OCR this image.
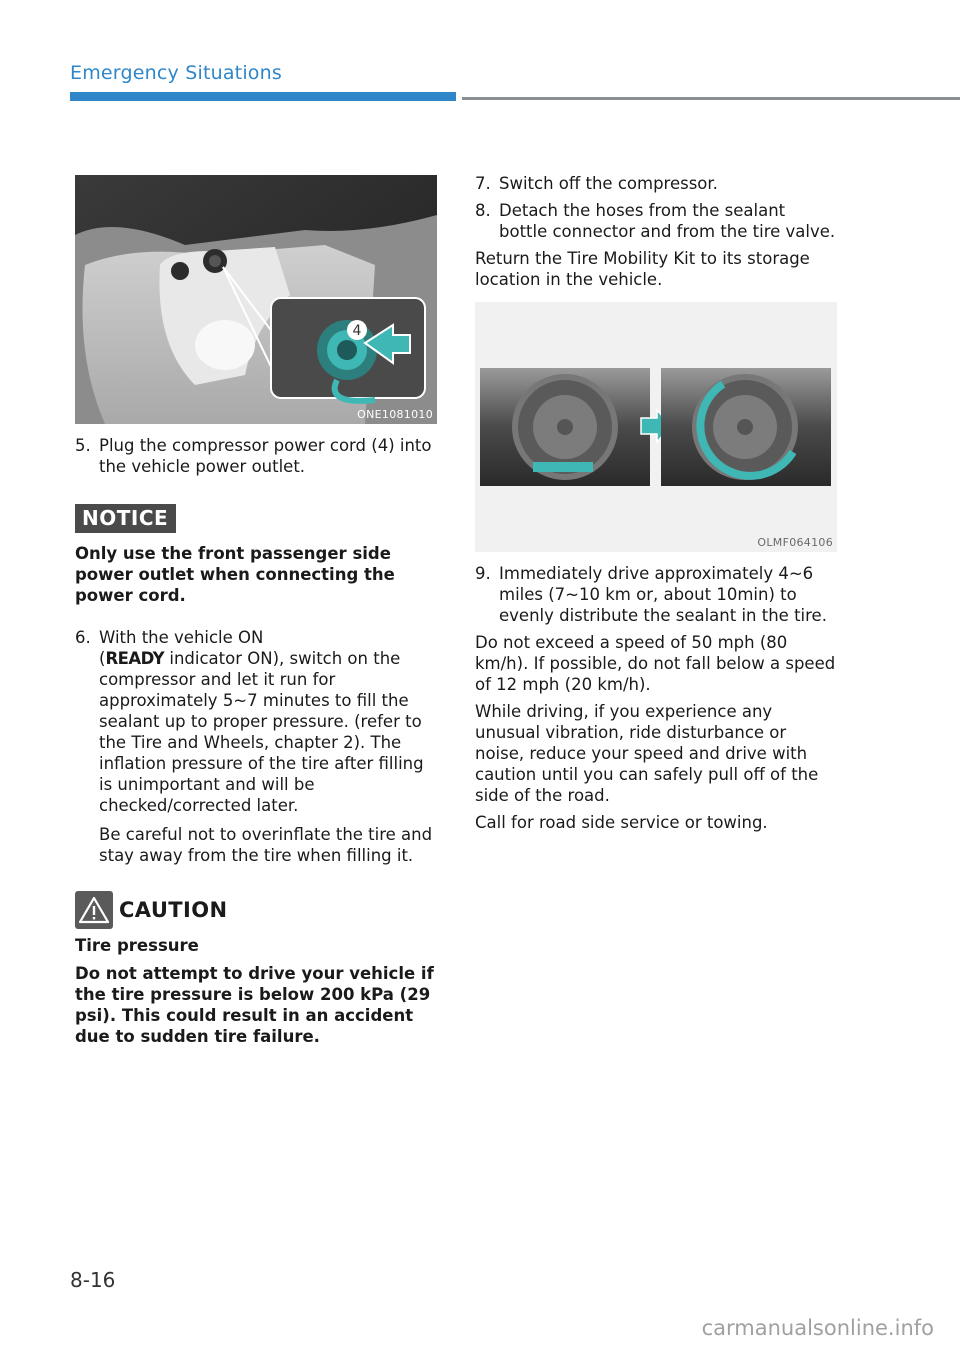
Emergency Situations
4
ONE1081010

5. Plug the compressor power cord (4) into the vehicle power outlet.

NOTICE

Only use the front passenger side power outlet when connecting the power cord.

6. With the vehicle ON

(READY indicator ON), switch on the compressor and let it run for approximately 5~7 minutes to fill the sealant up to proper pressure. (refer to the Tire and Wheels, chapter 2). The inflation pressure of the tire after filling is unimportant and will be checked/corrected later.

Be careful not to overinflate the tire and stay away from the tire when filling it.

CAUTION

Tire pressure

Do not attempt to drive your vehicle if the tire pressure is below 200 kPa (29 psi). This could result in an accident due to sudden tire failure.

7. Switch off the compressor.

8. Detach the hoses from the sealant bottle connector and from the tire valve.

Return the Tire Mobility Kit to its storage location in the vehicle.

OLMF064106

9. Immediately drive approximately 4~6 miles (7~10 km or, about 10min) to evenly distribute the sealant in the tire.

Do not exceed a speed of 50 mph (80 km/h). If possible, do not fall below a speed of 12 mph (20 km/h).

While driving, if you experience any unusual vibration, ride disturbance or noise, reduce your speed and drive with caution until you can safely pull off of the side of the road.

Call for road side service or towing.

8-16
carmanualsonline.info
